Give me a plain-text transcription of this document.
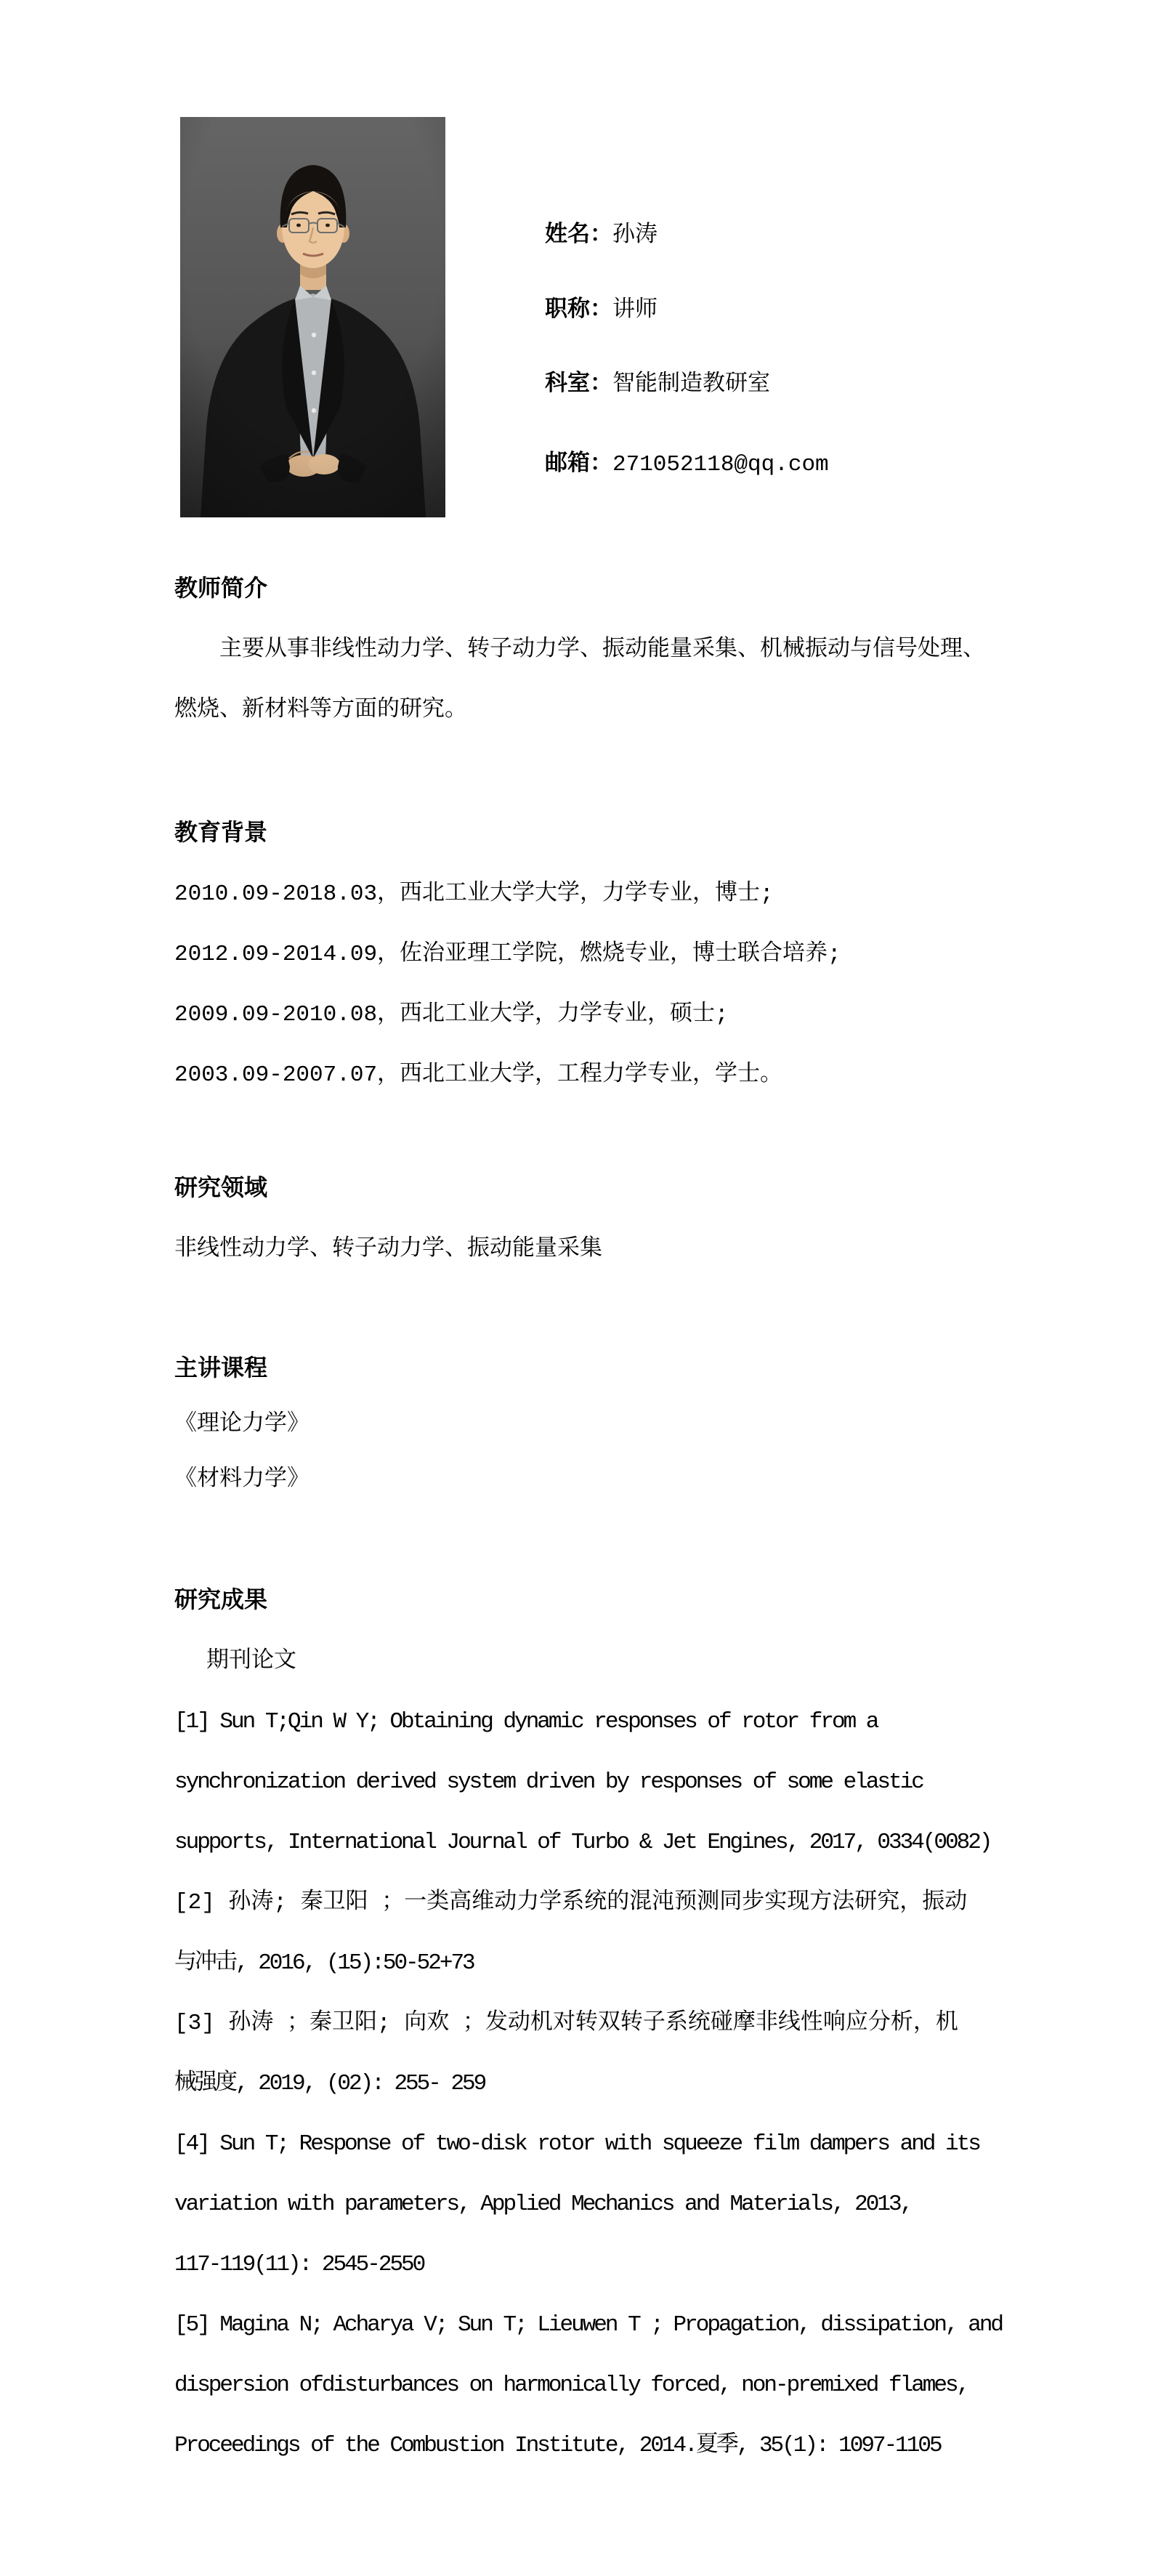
姓名：孙涛
职称：讲师
科室：智能制造教研室
邮箱：271052118@qq.com
教师简介
主要从事非线性动力学、转子动力学、振动能量采集、机械振动与信号处理、
燃烧、新材料等方面的研究。
教育背景
2010.09-2018.03，西北工业大学大学，力学专业，博士;
2012.09-2014.09，佐治亚理工学院，燃烧专业，博士联合培养;
2009.09-2010.08，西北工业大学，力学专业，硕士;
2003.09-2007.07，西北工业大学，工程力学专业，学士。
研究领域
非线性动力学、转子动力学、振动能量采集
主讲课程
《理论力学》
《材料力学》
研究成果
期刊论文
[1] Sun T;Qin W Y; Obtaining dynamic responses of rotor from a
synchronization derived system driven by responses of some elastic
supports, International Journal of Turbo & Jet Engines, 2017, 0334(0082)
[2] 孙涛; 秦卫阳 ；一类高维动力学系统的混沌预测同步实现方法研究，振动
与冲击, 2016, (15):50-52+73
[3] 孙涛 ；秦卫阳; 向欢 ；发动机对转双转子系统碰摩非线性响应分析，机
械强度, 2019, (02): 255- 259
[4] Sun T; Response of two-disk rotor with squeeze film dampers and its
variation with parameters, Applied Mechanics and Materials, 2013,
117-119(11): 2545-2550
[5] Magina N; Acharya V; Sun T; Lieuwen T ; Propagation, dissipation, and
dispersion ofdisturbances on harmonically forced, non-premixed flames,
Proceedings of the Combustion Institute, 2014.夏季, 35(1): 1097-1105
